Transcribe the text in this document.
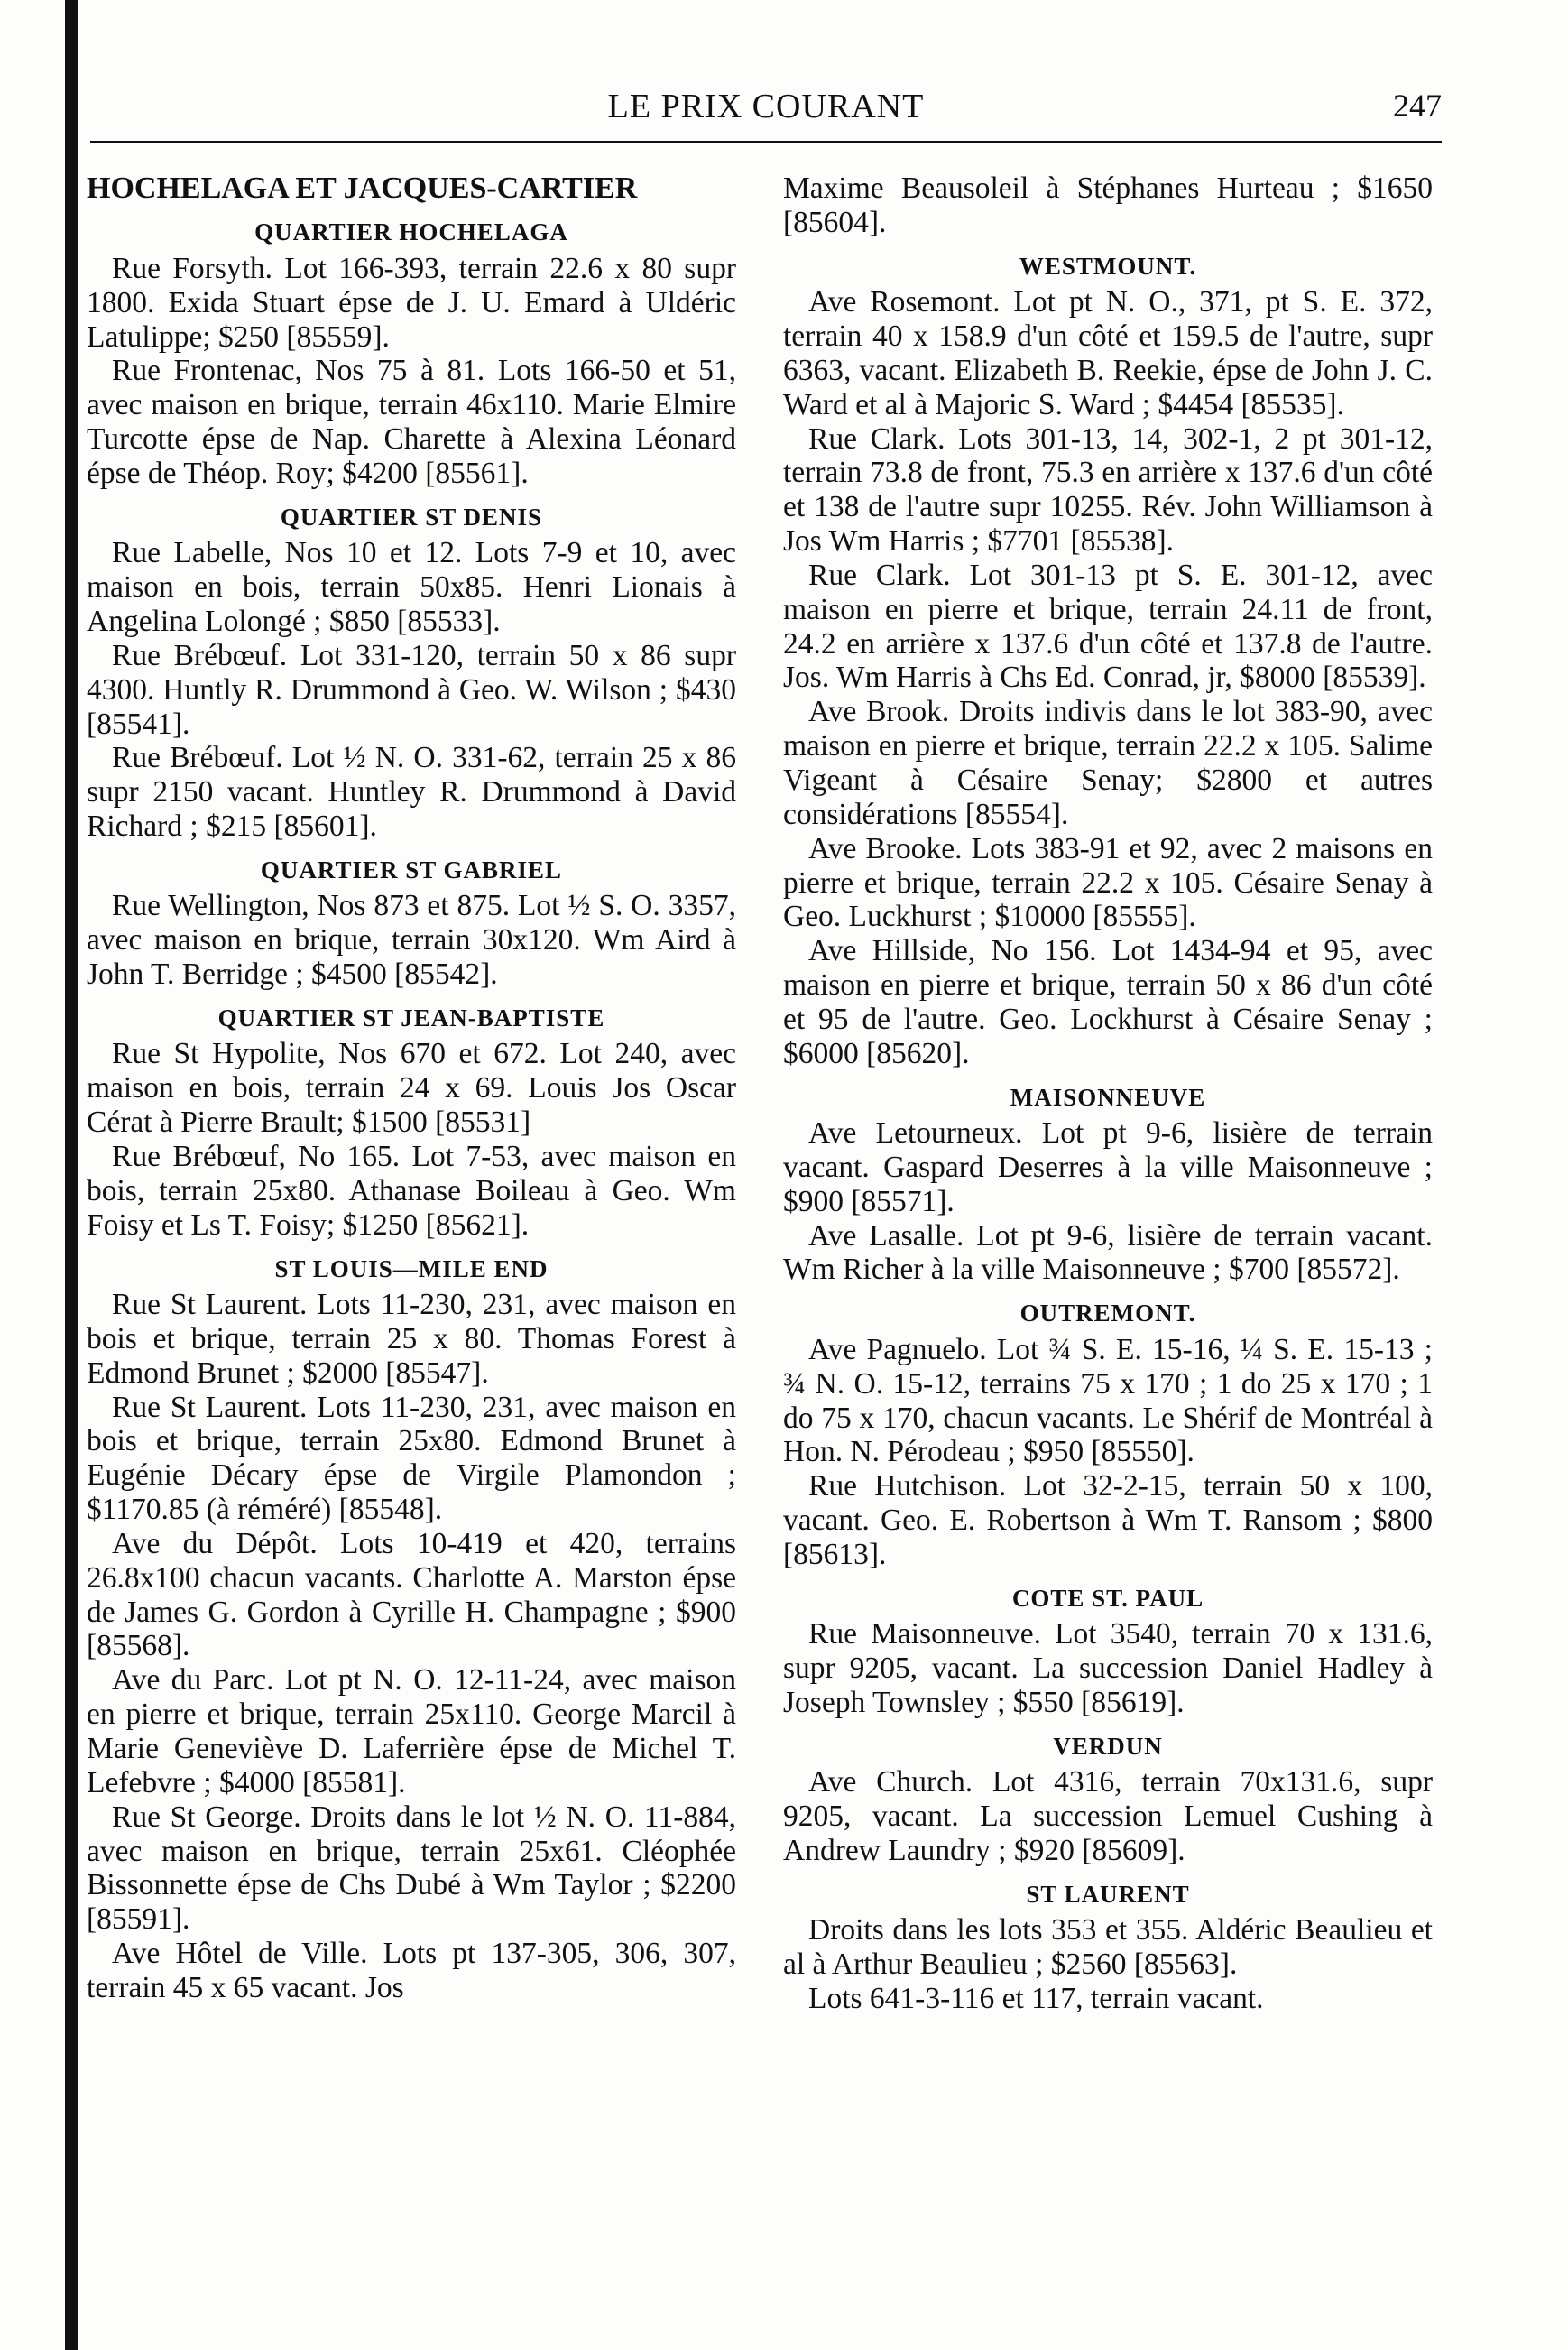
LE PRIX COURANT	247
HOCHELAGA ET JACQUES-CARTIER
QUARTIER HOCHELAGA

Rue Forsyth. Lot 166-393, terrain 22.6 x 80 supr 1800. Exida Stuart épse de J. U. Emard à Uldéric Latulippe; $250 [85559].

Rue Frontenac, Nos 75 à 81. Lots 166-50 et 51, avec maison en brique, terrain 46x110. Marie Elmire Turcotte épse de Nap. Charette à Alexina Léonard épse de Théop. Roy; $4200 [85561].

QUARTIER ST DENIS

Rue Labelle, Nos 10 et 12. Lots 7-9 et 10, avec maison en bois, terrain 50x85. Henri Lionais à Angelina Lolongé ; $850 [85533].

Rue Brébœuf. Lot 331-120, terrain 50 x 86 supr 4300. Huntly R. Drummond à Geo. W. Wilson ; $430 [85541].

Rue Brébœuf. Lot ½ N. O. 331-62, terrain 25 x 86 supr 2150 vacant. Huntley R. Drummond à David Richard ; $215 [85601].

QUARTIER ST GABRIEL

Rue Wellington, Nos 873 et 875. Lot ½ S. O. 3357, avec maison en brique, terrain 30x120. Wm Aird à John T. Berridge ; $4500 [85542].

QUARTIER ST JEAN-BAPTISTE

Rue St Hypolite, Nos 670 et 672. Lot 240, avec maison en bois, terrain 24 x 69. Louis Jos Oscar Cérat à Pierre Brault; $1500 [85531]

Rue Brébœuf, No 165. Lot 7-53, avec maison en bois, terrain 25x80. Athanase Boileau à Geo. Wm Foisy et Ls T. Foisy; $1250 [85621].

ST LOUIS—MILE END

Rue St Laurent. Lots 11-230, 231, avec maison en bois et brique, terrain 25 x 80. Thomas Forest à Edmond Brunet ; $2000 [85547].

Rue St Laurent. Lots 11-230, 231, avec maison en bois et brique, terrain 25x80. Edmond Brunet à Eugénie Décary épse de Virgile Plamondon ; $1170.85 (à réméré) [85548].

Ave du Dépôt. Lots 10-419 et 420, terrains 26.8x100 chacun vacants. Charlotte A. Marston épse de James G. Gordon à Cyrille H. Champagne ; $900 [85568].

Ave du Parc. Lot pt N. O. 12-11-24, avec maison en pierre et brique, terrain 25x110. George Marcil à Marie Geneviève D. Laferrière épse de Michel T. Lefebvre ; $4000 [85581].

Rue St George. Droits dans le lot ½ N. O. 11-884, avec maison en brique, terrain 25x61. Cléophée Bissonnette épse de Chs Dubé à Wm Taylor ; $2200 [85591].

Ave Hôtel de Ville. Lots pt 137-305, 306, 307, terrain 45 x 65 vacant. Jos

Maxime Beausoleil à Stéphanes Hurteau ; $1650 [85604].

WESTMOUNT.

Ave Rosemont. Lot pt N. O., 371, pt S. E. 372, terrain 40 x 158.9 d'un côté et 159.5 de l'autre, supr 6363, vacant. Elizabeth B. Reekie, épse de John J. C. Ward et al à Majoric S. Ward ; $4454 [85535].

Rue Clark. Lots 301-13, 14, 302-1, 2 pt 301-12, terrain 73.8 de front, 75.3 en arrière x 137.6 d'un côté et 138 de l'autre supr 10255. Rév. John Williamson à Jos Wm Harris ; $7701 [85538].

Rue Clark. Lot 301-13 pt S. E. 301-12, avec maison en pierre et brique, terrain 24.11 de front, 24.2 en arrière x 137.6 d'un côté et 137.8 de l'autre. Jos. Wm Harris à Chs Ed. Conrad, jr, $8000 [85539].

Ave Brook. Droits indivis dans le lot 383-90, avec maison en pierre et brique, terrain 22.2 x 105. Salime Vigeant à Césaire Senay; $2800 et autres considérations [85554].

Ave Brooke. Lots 383-91 et 92, avec 2 maisons en pierre et brique, terrain 22.2 x 105. Césaire Senay à Geo. Luckhurst ; $10000 [85555].

Ave Hillside, No 156. Lot 1434-94 et 95, avec maison en pierre et brique, terrain 50 x 86 d'un côté et 95 de l'autre. Geo. Lockhurst à Césaire Senay ; $6000 [85620].

MAISONNEUVE

Ave Letourneux. Lot pt 9-6, lisière de terrain vacant. Gaspard Deserres à la ville Maisonneuve ; $900 [85571].

Ave Lasalle. Lot pt 9-6, lisière de terrain vacant. Wm Richer à la ville Maisonneuve ; $700 [85572].

OUTREMONT.

Ave Pagnuelo. Lot ¾ S. E. 15-16, ¼ S. E. 15-13 ; ¾ N. O. 15-12, terrains 75 x 170 ; 1 do 25 x 170 ; 1 do 75 x 170, chacun vacants. Le Shérif de Montréal à Hon. N. Pérodeau ; $950 [85550].

Rue Hutchison. Lot 32-2-15, terrain 50 x 100, vacant. Geo. E. Robertson à Wm T. Ransom ; $800 [85613].

COTE ST. PAUL

Rue Maisonneuve. Lot 3540, terrain 70 x 131.6, supr 9205, vacant. La succession Daniel Hadley à Joseph Townsley ; $550 [85619].

VERDUN

Ave Church. Lot 4316, terrain 70x131.6, supr 9205, vacant. La succession Lemuel Cushing à Andrew Laundry ; $920 [85609].

ST LAURENT

Droits dans les lots 353 et 355. Aldéric Beaulieu et al à Arthur Beaulieu ; $2560 [85563].

Lots 641-3-116 et 117, terrain vacant.
